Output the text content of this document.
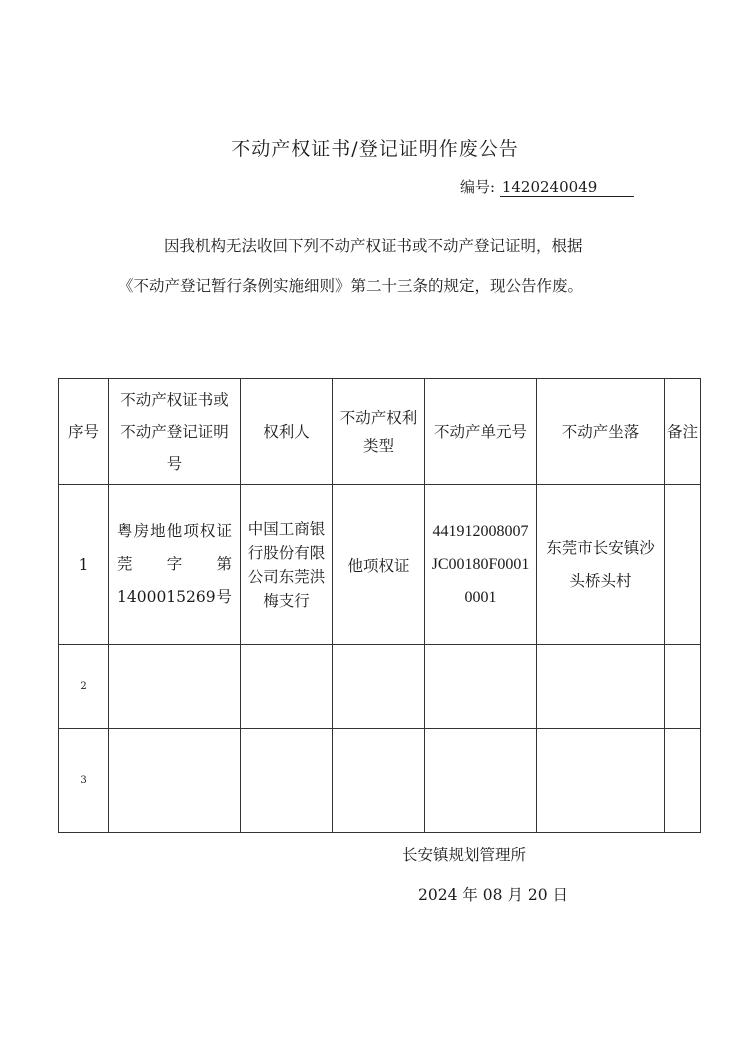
不动产权证书/登记证明作废公告
编号: 1420240049
因我机构无法收回下列不动产权证书或不动产登记证明，根据
《不动产登记暂行条例实施细则》第二十三条的规定，现公告作废。
序号	不动产权证书或不动产登记证明号	权利人	不动产权利类型	不动产单元号	不动产坐落	备注
1	粤房地他项权证莞字第1400015269号	中国工商银行股份有限公司东莞洪梅支行	他项权证	441912008007JC00180F00010001	东莞市长安镇沙头桥头村	
2						
3						
长安镇规划管理所
2024 年 08 月 20 日
